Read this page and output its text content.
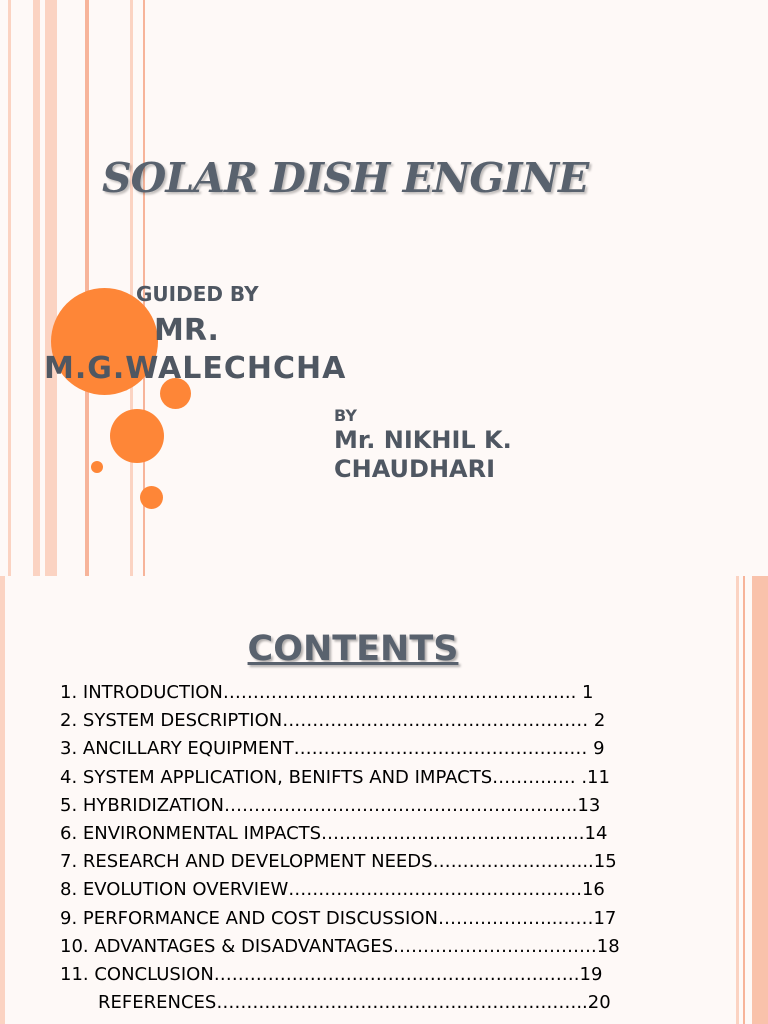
SOLAR DISH ENGINE
GUIDED BY
MR.
M.G.WALECHCHA
BY
Mr. NIKHIL K.
CHAUDHARI
CONTENTS
1. INTRODUCTION………………………………………………….. 1
2. SYSTEM DESCRIPTION…………………………………………… 2
3. ANCILLARY EQUIPMENT……………………………………….… 9
4. SYSTEM APPLICATION, BENIFTS AND IMPACTS……….…. .11
5. HYBRIDIZATION…………………………………………………..13
6. ENVIRONMENTAL IMPACTS……………………………………..14
7. RESEARCH AND DEVELOPMENT NEEDS……………………...15
8. EVOLUTION OVERVIEW………………………………………….16
9. PERFORMANCE AND COST DISCUSSION………………..……17
10. ADVANTAGES & DISADVANTAGES…………………………….18
11. CONCLUSION…………………………………………………….19
REFERENCES……………………………………………………..20
